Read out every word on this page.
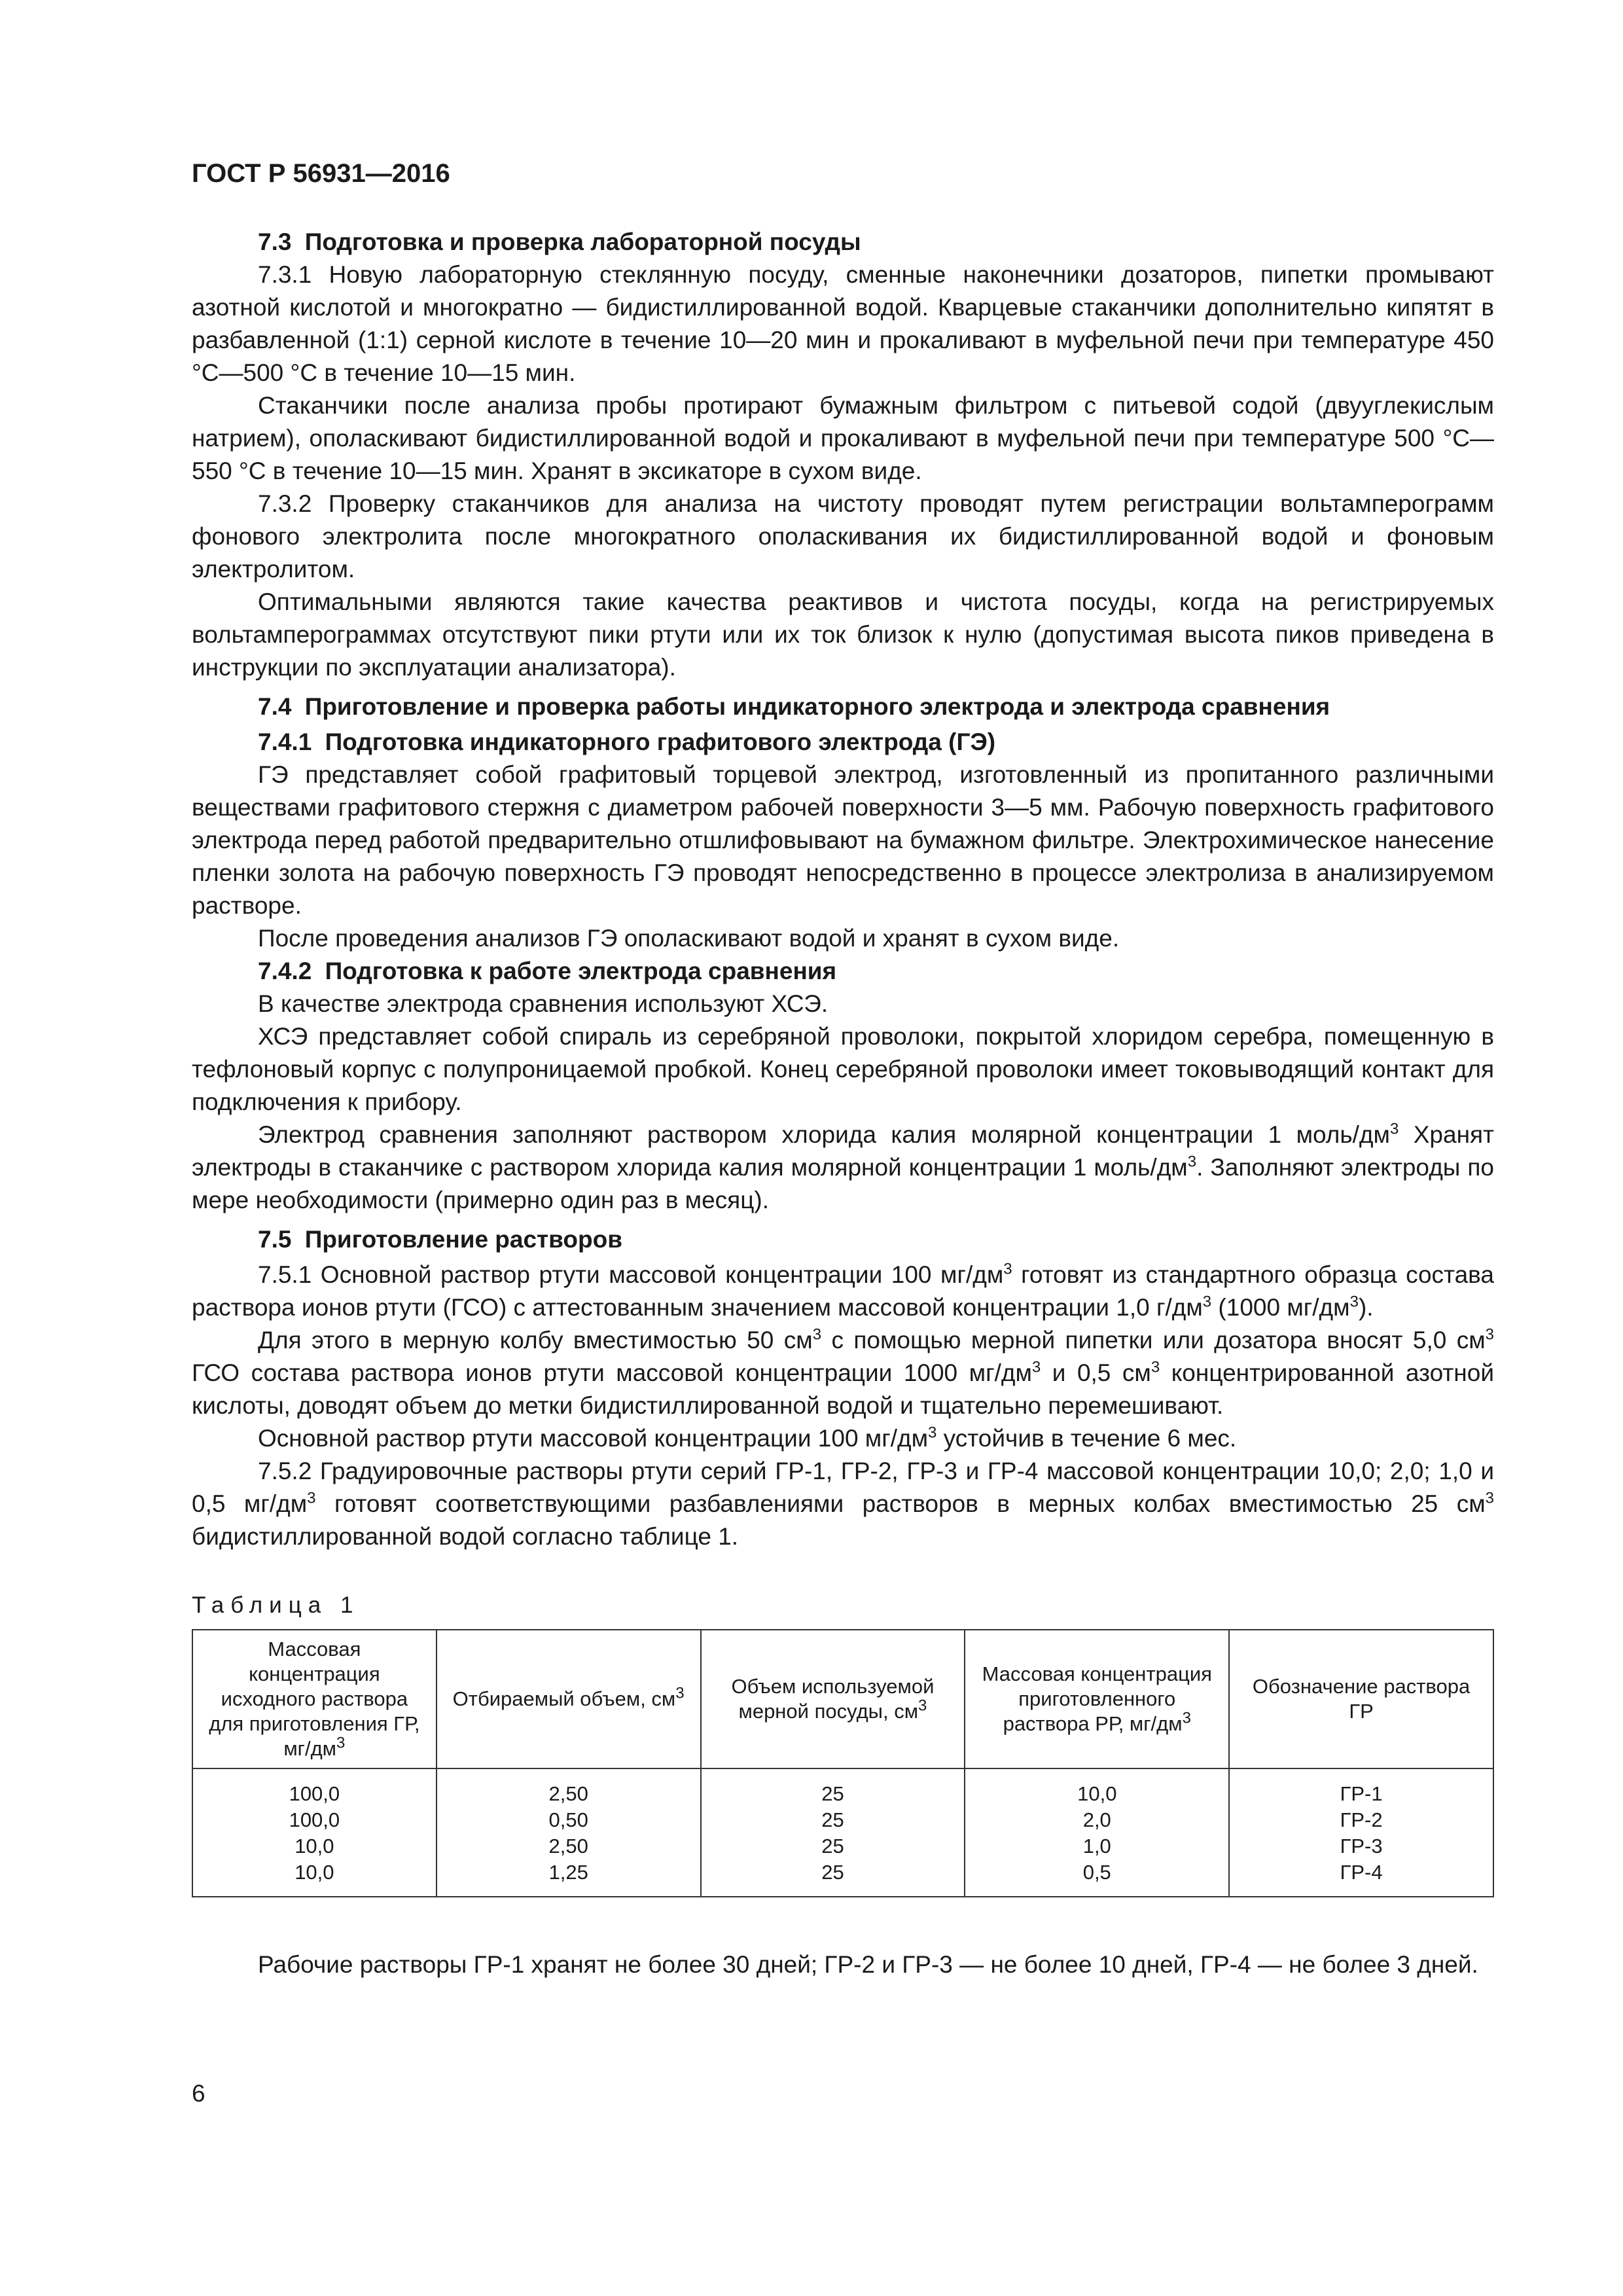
ГОСТ Р 56931—2016
7.3 Подготовка и проверка лабораторной посуды

7.3.1 Новую лабораторную стеклянную посуду, сменные наконечники дозаторов, пипетки промывают азотной кислотой и многократно — бидистиллированной водой. Кварцевые стаканчики дополнительно кипятят в разбавленной (1:1) серной кислоте в течение 10—20 мин и прокаливают в муфельной печи при температуре 450 °С—500 °С в течение 10—15 мин.

Стаканчики после анализа пробы протирают бумажным фильтром с питьевой содой (двууглекислым натрием), ополаскивают бидистиллированной водой и прокаливают в муфельной печи при температуре 500 °С—550 °С в течение 10—15 мин. Хранят в эксикаторе в сухом виде.

7.3.2 Проверку стаканчиков для анализа на чистоту проводят путем регистрации вольтамперограмм фонового электролита после многократного ополаскивания их бидистиллированной водой и фоновым электролитом.

Оптимальными являются такие качества реактивов и чистота посуды, когда на регистрируемых вольтамперограммах отсутствуют пики ртути или их ток близок к нулю (допустимая высота пиков приведена в инструкции по эксплуатации анализатора).

7.4 Приготовление и проверка работы индикаторного электрода и электрода сравнения
7.4.1 Подготовка индикаторного графитового электрода (ГЭ)

ГЭ представляет собой графитовый торцевой электрод, изготовленный из пропитанного различными веществами графитового стержня с диаметром рабочей поверхности 3—5 мм. Рабочую поверхность графитового электрода перед работой предварительно отшлифовывают на бумажном фильтре. Электрохимическое нанесение пленки золота на рабочую поверхность ГЭ проводят непосредственно в процессе электролиза в анализируемом растворе.

После проведения анализов ГЭ ополаскивают водой и хранят в сухом виде.

7.4.2 Подготовка к работе электрода сравнения

В качестве электрода сравнения используют ХСЭ.

ХСЭ представляет собой спираль из серебряной проволоки, покрытой хлоридом серебра, помещенную в тефлоновый корпус с полупроницаемой пробкой. Конец серебряной проволоки имеет токовыводящий контакт для подключения к прибору.

Электрод сравнения заполняют раствором хлорида калия молярной концентрации 1 моль/$дм^3$ Хранят электроды в стаканчике с раствором хлорида калия молярной концентрации 1 моль/$дм^3$. Заполняют электроды по мере необходимости (примерно один раз в месяц).

7.5 Приготовление растворов

7.5.1 Основной раствор ртути массовой концентрации 100 $мг/дм^3$ готовят из стандартного образца состава раствора ионов ртути (ГСО) с аттестованным значением массовой концентрации 1,0 $г/дм^3$ (1000 $мг/дм^3$).

Для этого в мерную колбу вместимостью 50 $см^3$ с помощью мерной пипетки или дозатора вносят 5,0 $см^3$ ГСО состава раствора ионов ртути массовой концентрации 1000 $мг/дм^3$ и 0,5 $см^3$ концентрированной азотной кислоты, доводят объем до метки бидистиллированной водой и тщательно перемешивают.

Основной раствор ртути массовой концентрации 100 $мг/дм^3$ устойчив в течение 6 мес.

7.5.2 Градуировочные растворы ртути серий ГР-1, ГР-2, ГР-3 и ГР-4 массовой концентрации 10,0; 2,0; 1,0 и 0,5 $мг/дм^3$ готовят соответствующими разбавлениями растворов в мерных колбах вместимостью 25 $см^3$ бидистиллированной водой согласно таблице 1.

Таблица 1
Массовая концентрация исходного раствора для приготовления ГР, $мг/дм^3$	Отбираемый объем, $см^3$	Объем используемой мерной посуды, $см^3$	Массовая концентрация приготовленного раствора РР, $мг/дм^3$	Обозначение раствора ГР
100,0	2,50	25	10,0	ГР-1
100,0	0,50	25	2,0	ГР-2
10,0	2,50	25	1,0	ГР-3
10,0	1,25	25	0,5	ГР-4

Рабочие растворы ГР-1 хранят не более 30 дней; ГР-2 и ГР-3 — не более 10 дней, ГР-4 — не более 3 дней.

6
